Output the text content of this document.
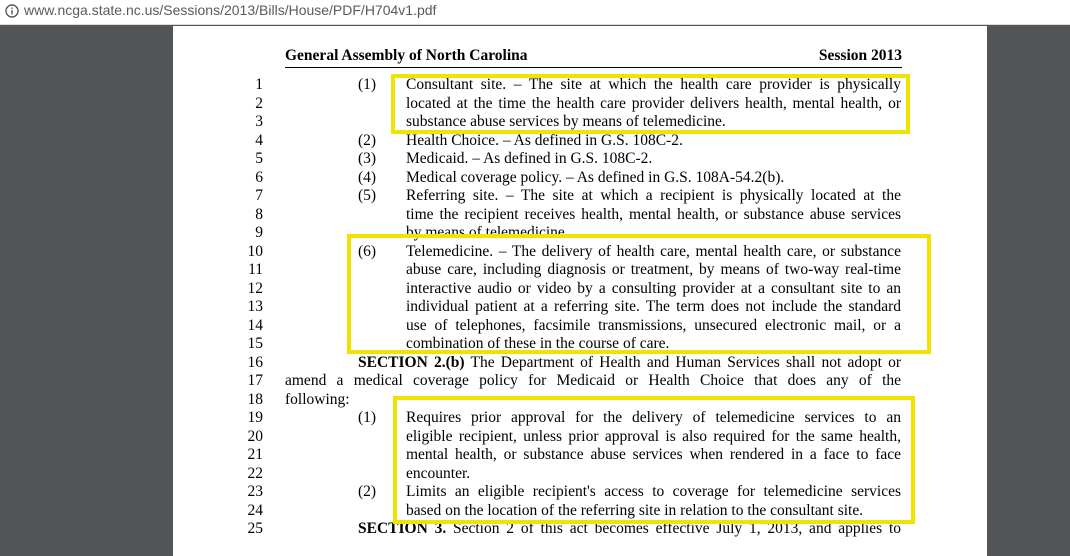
www.ncga.state.nc.us/Sessions/2013/Bills/House/PDF/H704v1.pdf
General Assembly of North Carolina	Session 2013
1	(1) Consultant site. – The site at which the health care provider is physically
2	located at the time the health care provider delivers health, mental health, or
3	substance abuse services by means of telemedicine.
4	(2) Health Choice. – As defined in G.S. 108C-2.
5	(3) Medicaid. – As defined in G.S. 108C-2.
6	(4) Medical coverage policy. – As defined in G.S. 108A-54.2(b).
7	(5) Referring site. – The site at which a recipient is physically located at the
8	time the recipient receives health, mental health, or substance abuse services
9	by means of telemedicine.
10	(6) Telemedicine. – The delivery of health care, mental health care, or substance
11	abuse care, including diagnosis or treatment, by means of two-way real-time
12	interactive audio or video by a consulting provider at a consultant site to an
13	individual patient at a referring site. The term does not include the standard
14	use of telephones, facsimile transmissions, unsecured electronic mail, or a
15	combination of these in the course of care.
16	SECTION 2.(b) The Department of Health and Human Services shall not adopt or
17 amend a medical coverage policy for Medicaid or Health Choice that does any of the
18 following:
19	(1) Requires prior approval for the delivery of telemedicine services to an
20	eligible recipient, unless prior approval is also required for the same health,
21	mental health, or substance abuse services when rendered in a face to face
22	encounter.
23	(2) Limits an eligible recipient's access to coverage for telemedicine services
24	based on the location of the referring site in relation to the consultant site.
25	SECTION 3. Section 2 of this act becomes effective July 1, 2013, and applies to
